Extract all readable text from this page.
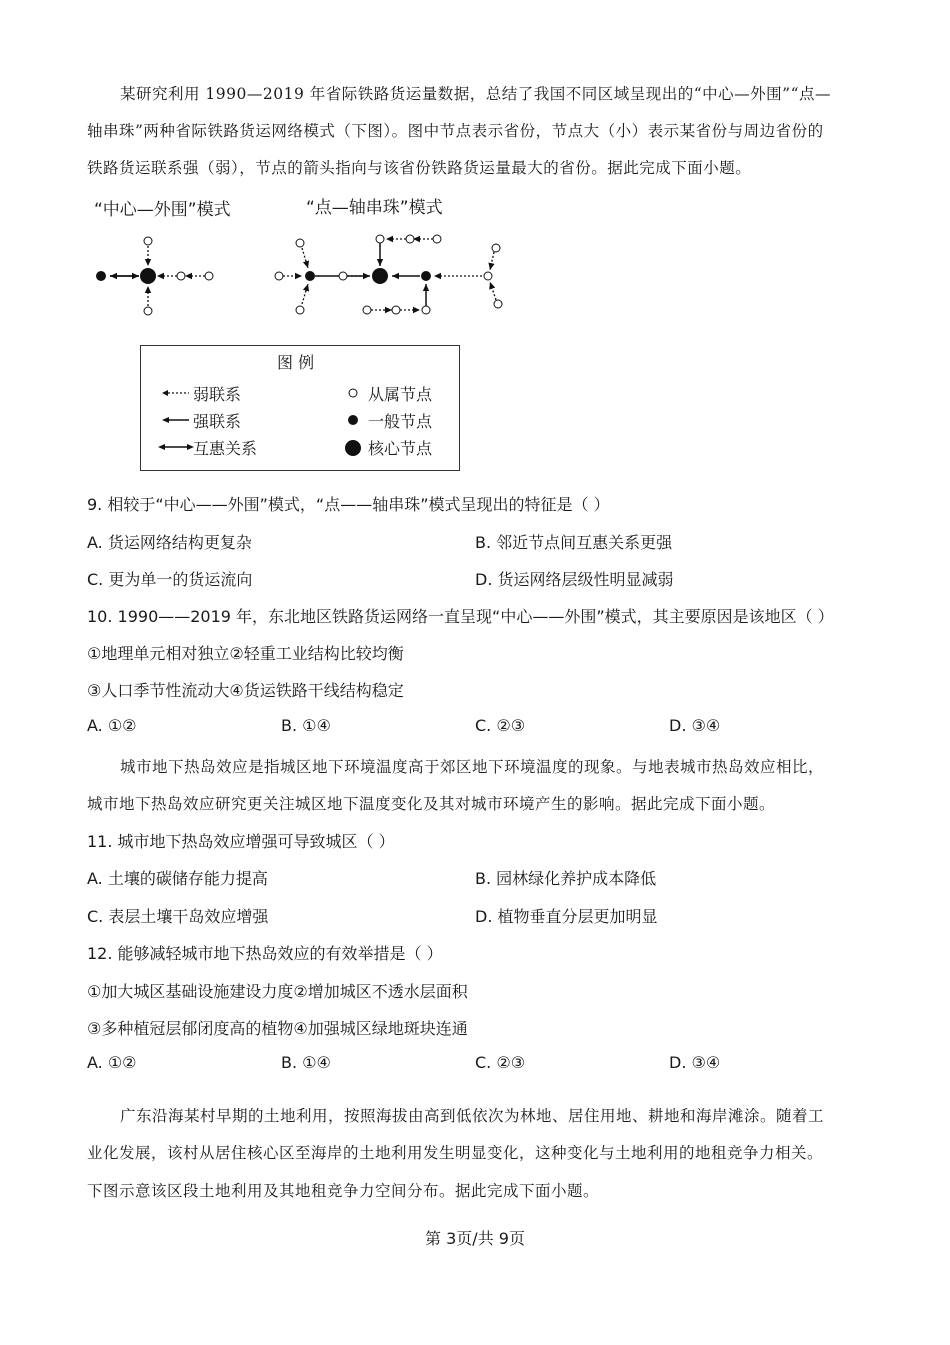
某研究利用 1990—2019 年省际铁路货运量数据，总结了我国不同区域呈现出的“中心—外围”“点—
轴串珠”两种省际铁路货运网络模式（下图）。图中节点表示省份，节点大（小）表示某省份与周边省份的
铁路货运联系强（弱），节点的箭头指向与该省份铁路货运量最大的省份。据此完成下面小题。
“中心—外围”模式	“点—轴串珠”模式
图 例
弱联系
强联系
互惠关系
从属节点
一般节点
核心节点
9. 相较于“中心——外围”模式，“点——轴串珠”模式呈现出的特征是（ ）
A. 货运网络结构更复杂	B. 邻近节点间互惠关系更强
C. 更为单一的货运流向	D. 货运网络层级性明显减弱
10. 1990——2019 年，东北地区铁路货运网络一直呈现“中心——外围”模式，其主要原因是该地区（ ）
①地理单元相对独立②轻重工业结构比较均衡
③人口季节性流动大④货运铁路干线结构稳定
A. ①②	B. ①④	C. ②③	D. ③④
城市地下热岛效应是指城区地下环境温度高于郊区地下环境温度的现象。与地表城市热岛效应相比，
城市地下热岛效应研究更关注城区地下温度变化及其对城市环境产生的影响。据此完成下面小题。
11. 城市地下热岛效应增强可导致城区（ ）
A. 土壤的碳储存能力提高	B. 园林绿化养护成本降低
C. 表层土壤干岛效应增强	D. 植物垂直分层更加明显
12. 能够减轻城市地下热岛效应的有效举措是（ ）
①加大城区基础设施建设力度②增加城区不透水层面积
③多种植冠层郁闭度高的植物④加强城区绿地斑块连通
A. ①②	B. ①④	C. ②③	D. ③④
广东沿海某村早期的土地利用，按照海拔由高到低依次为林地、居住用地、耕地和海岸滩涂。随着工
业化发展，该村从居住核心区至海岸的土地利用发生明显变化，这种变化与土地利用的地租竞争力相关。
下图示意该区段土地利用及其地租竞争力空间分布。据此完成下面小题。
第 3页/共 9页
